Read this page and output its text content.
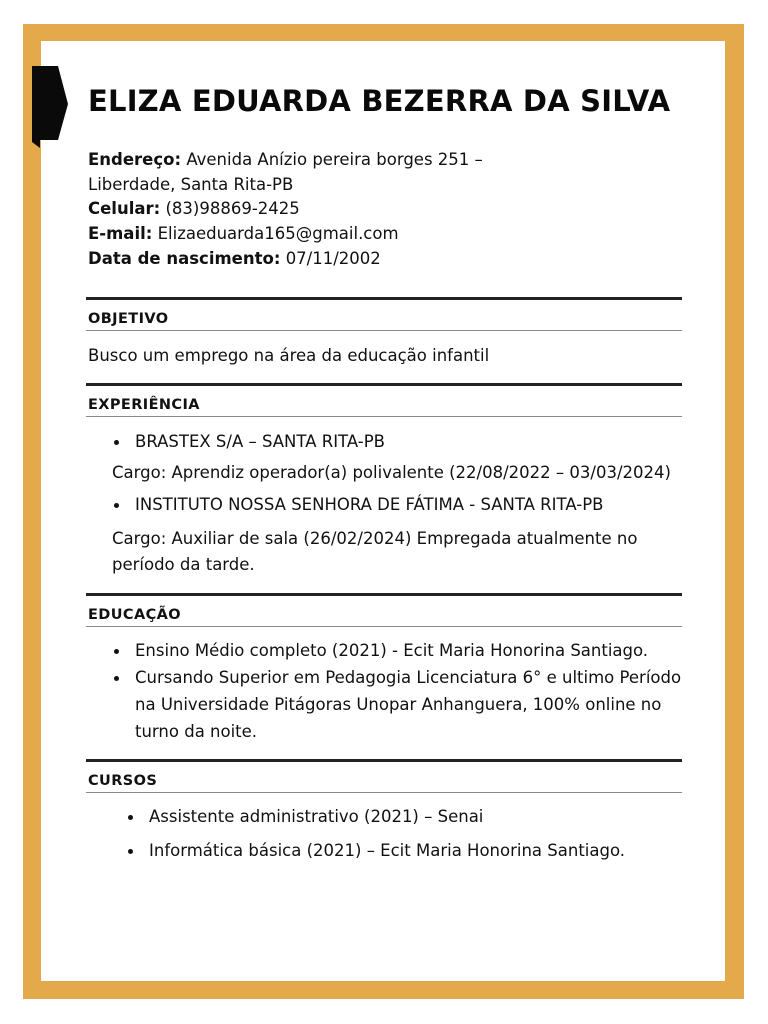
ELIZA EDUARDA BEZERRA DA SILVA
Endereço: Avenida Anízio pereira borges 251 –
Liberdade, Santa Rita-PB
Celular: (83)98869-2425
E-mail: Elizaeduarda165@gmail.com
Data de nascimento: 07/11/2002
OBJETIVO
Busco um emprego na área da educação infantil
EXPERIÊNCIA
BRASTEX S/A – SANTA RITA-PB
Cargo: Aprendiz operador(a) polivalente (22/08/2022 – 03/03/2024)
INSTITUTO NOSSA SENHORA DE FÁTIMA - SANTA RITA-PB
Cargo: Auxiliar de sala (26/02/2024) Empregada atualmente no
período da tarde.
EDUCAÇÃO
Ensino Médio completo (2021) - Ecit Maria Honorina Santiago.
Cursando Superior em Pedagogia Licenciatura 6° e ultimo Período
na Universidade Pitágoras Unopar Anhanguera, 100% online no
turno da noite.
CURSOS
Assistente administrativo (2021) – Senai
Informática básica (2021) – Ecit Maria Honorina Santiago.
